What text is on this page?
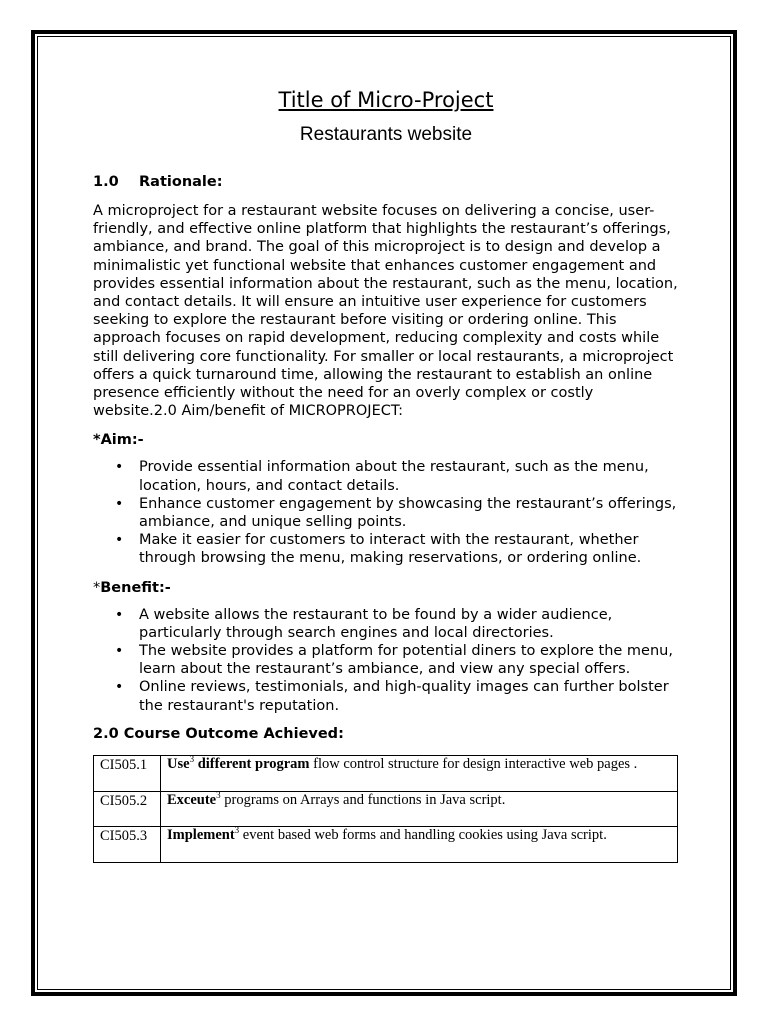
Title of Micro-Project
Restaurants website
1.0 Rationale:
A microproject for a restaurant website focuses on delivering a concise, user-friendly, and effective online platform that highlights the restaurant’s offerings, ambiance, and brand. The goal of this microproject is to design and develop a minimalistic yet functional website that enhances customer engagement and provides essential information about the restaurant, such as the menu, location, and contact details. It will ensure an intuitive user experience for customers seeking to explore the restaurant before visiting or ordering online. This approach focuses on rapid development, reducing complexity and costs while still delivering core functionality. For smaller or local restaurants, a microproject offers a quick turnaround time, allowing the restaurant to establish an online presence efficiently without the need for an overly complex or costly website.2.0 Aim/benefit of MICROPROJECT:
*Aim:-
• Provide essential information about the restaurant, such as the menu, location, hours, and contact details.
• Enhance customer engagement by showcasing the restaurant’s offerings, ambiance, and unique selling points.
• Make it easier for customers to interact with the restaurant, whether through browsing the menu, making reservations, or ordering online.
*Benefit:-
• A website allows the restaurant to be found by a wider audience, particularly through search engines and local directories.
• The website provides a platform for potential diners to explore the menu, learn about the restaurant’s ambiance, and view any special offers.
• Online reviews, testimonials, and high-quality images can further bolster the restaurant's reputation.
2.0 Course Outcome Achieved:
CI505.1	Use$^3$ different program flow control structure for design interactive web pages .
CI505.2	Exceute$^3$ programs on Arrays and functions in Java script.
CI505.3	Implement$^3$ event based web forms and handling cookies using Java script.
